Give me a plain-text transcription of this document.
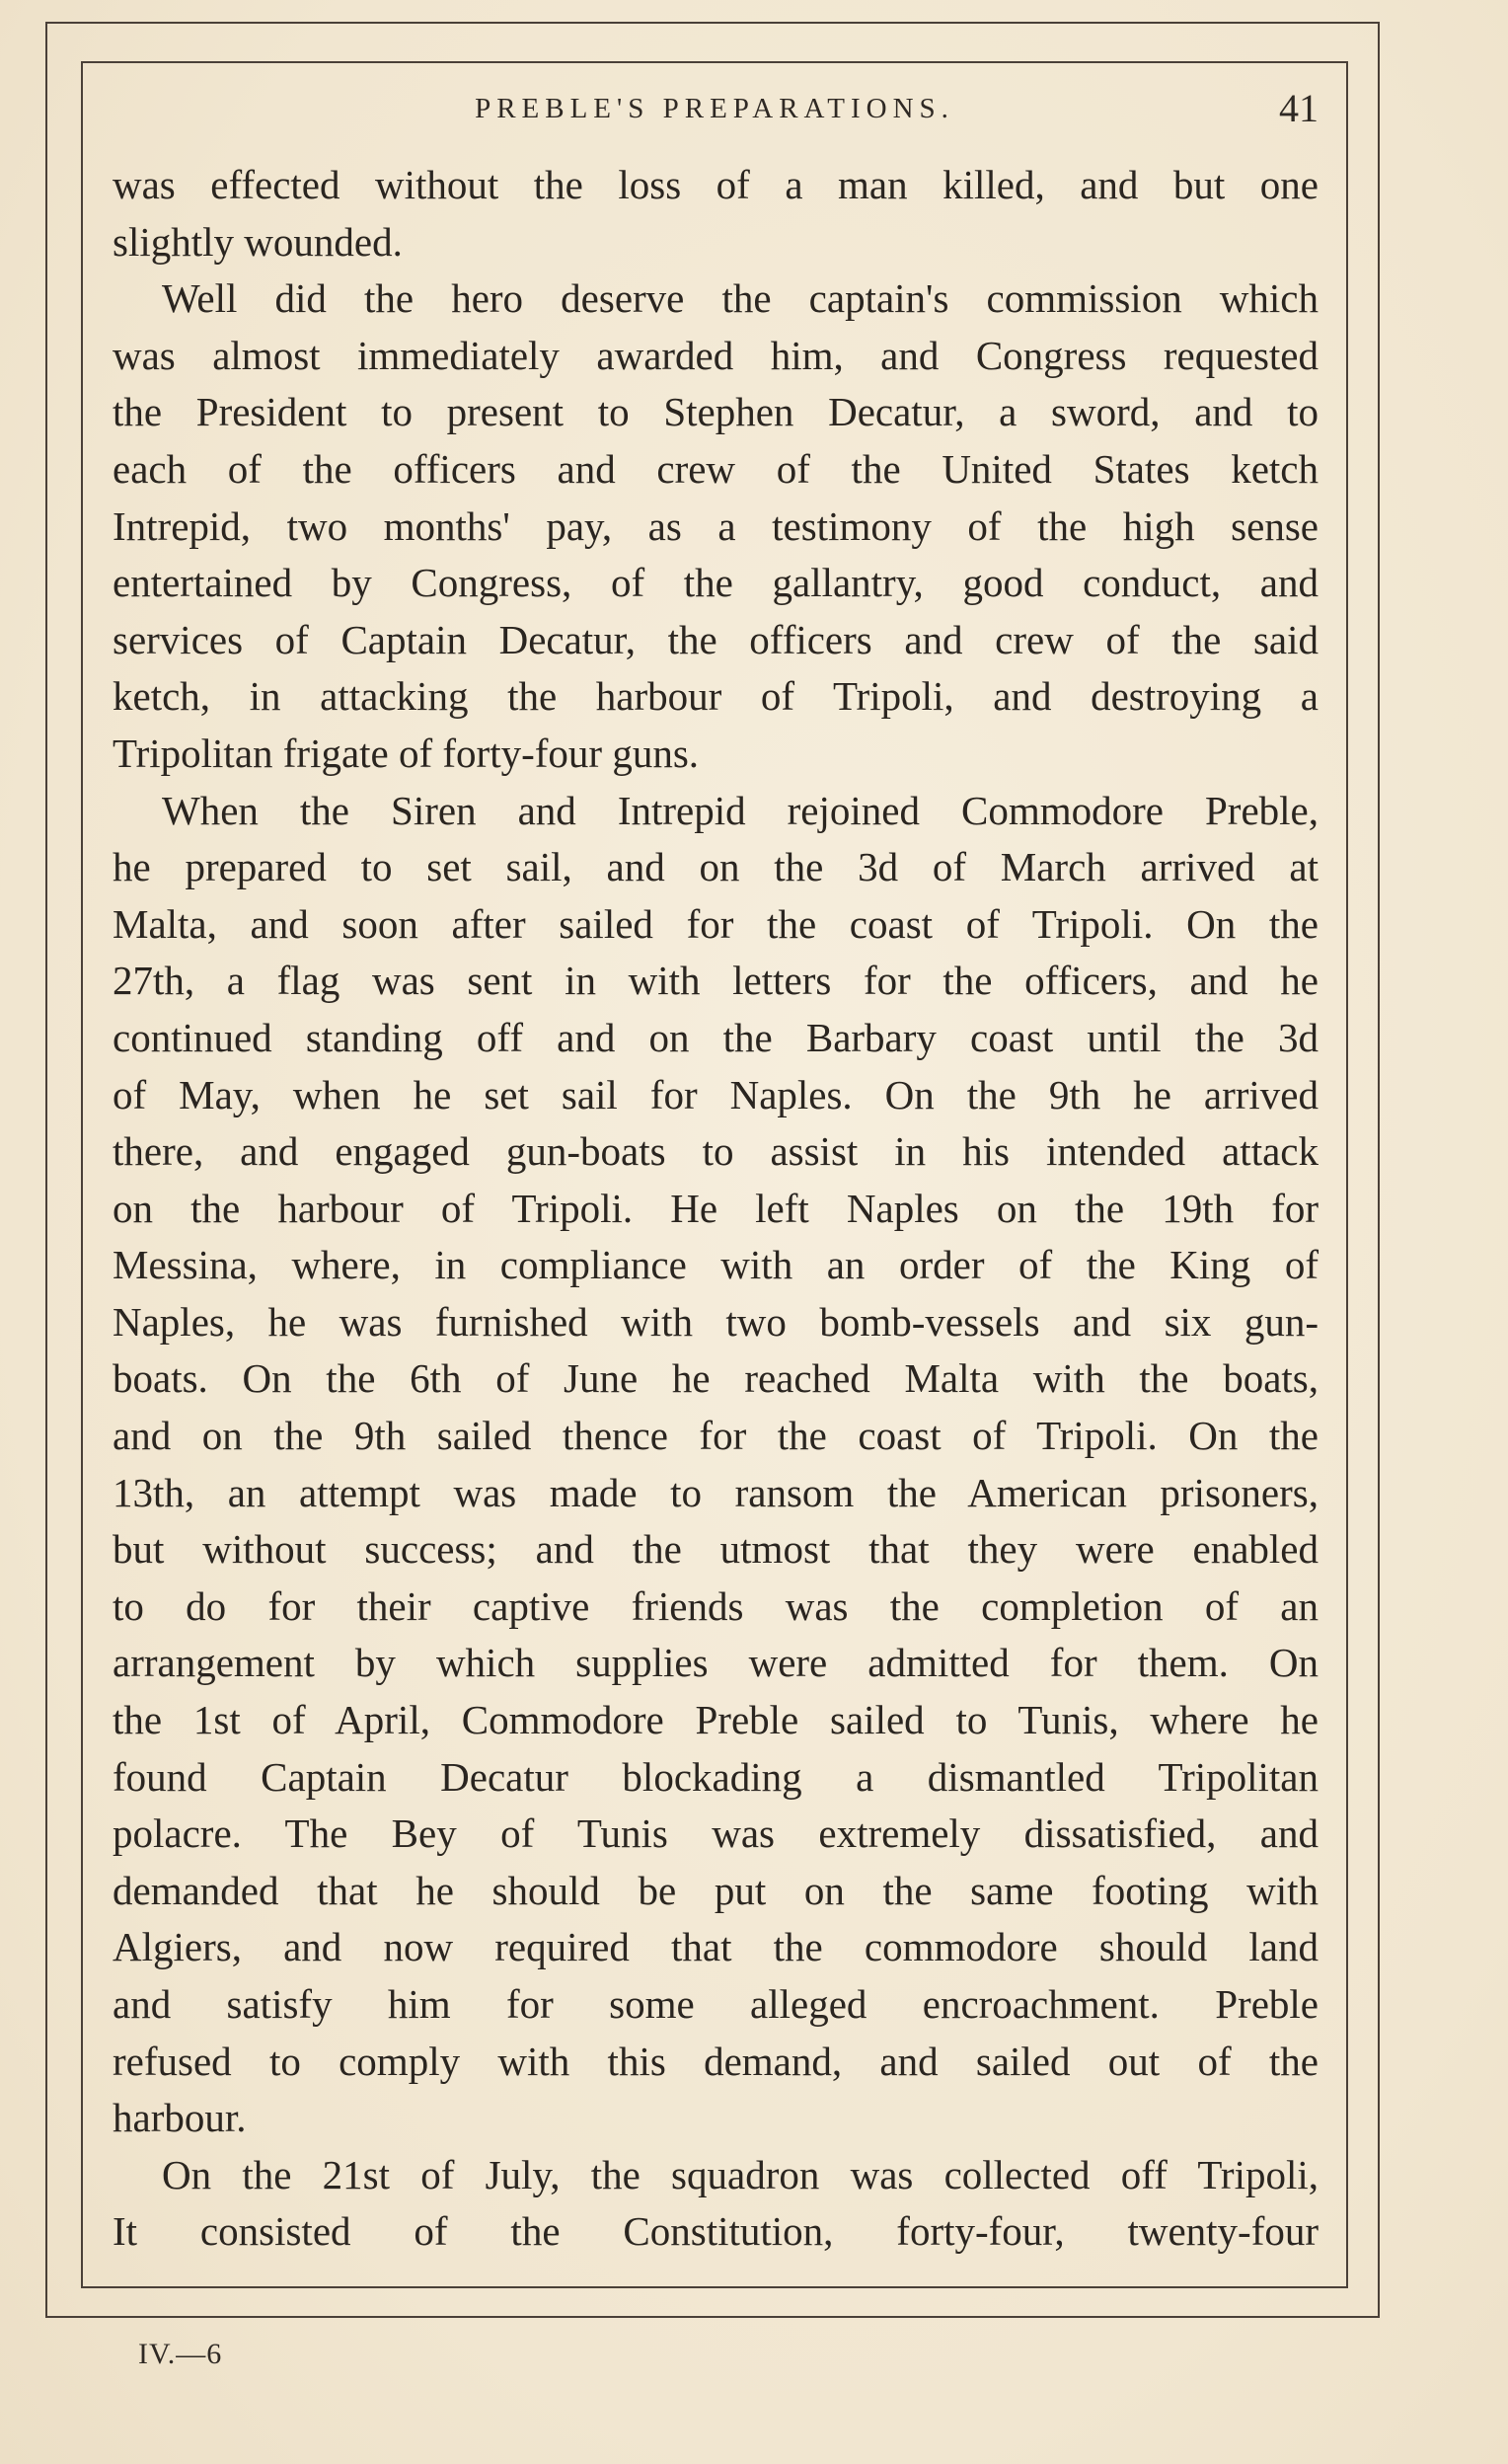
PREBLE'S PREPARATIONS.	41
was effected without the loss of a man killed, and but one
slightly wounded.
Well did the hero deserve the captain's commission which
was almost immediately awarded him, and Congress requested
the President to present to Stephen Decatur, a sword, and to
each of the officers and crew of the United States ketch
Intrepid, two months' pay, as a testimony of the high sense
entertained by Congress, of the gallantry, good conduct, and
services of Captain Decatur, the officers and crew of the said
ketch, in attacking the harbour of Tripoli, and destroying a
Tripolitan frigate of forty-four guns.
When the Siren and Intrepid rejoined Commodore Preble,
he prepared to set sail, and on the 3d of March arrived at
Malta, and soon after sailed for the coast of Tripoli. On the
27th, a flag was sent in with letters for the officers, and he
continued standing off and on the Barbary coast until the 3d
of May, when he set sail for Naples. On the 9th he arrived
there, and engaged gun-boats to assist in his intended attack
on the harbour of Tripoli. He left Naples on the 19th for
Messina, where, in compliance with an order of the King of
Naples, he was furnished with two bomb-vessels and six gun-
boats. On the 6th of June he reached Malta with the boats,
and on the 9th sailed thence for the coast of Tripoli. On the
13th, an attempt was made to ransom the American prisoners,
but without success; and the utmost that they were enabled
to do for their captive friends was the completion of an
arrangement by which supplies were admitted for them. On
the 1st of April, Commodore Preble sailed to Tunis, where he
found Captain Decatur blockading a dismantled Tripolitan
polacre. The Bey of Tunis was extremely dissatisfied, and
demanded that he should be put on the same footing with
Algiers, and now required that the commodore should land
and satisfy him for some alleged encroachment. Preble
refused to comply with this demand, and sailed out of the
harbour.
On the 21st of July, the squadron was collected off Tripoli,
It consisted of the Constitution, forty-four, twenty-four
IV.—6
